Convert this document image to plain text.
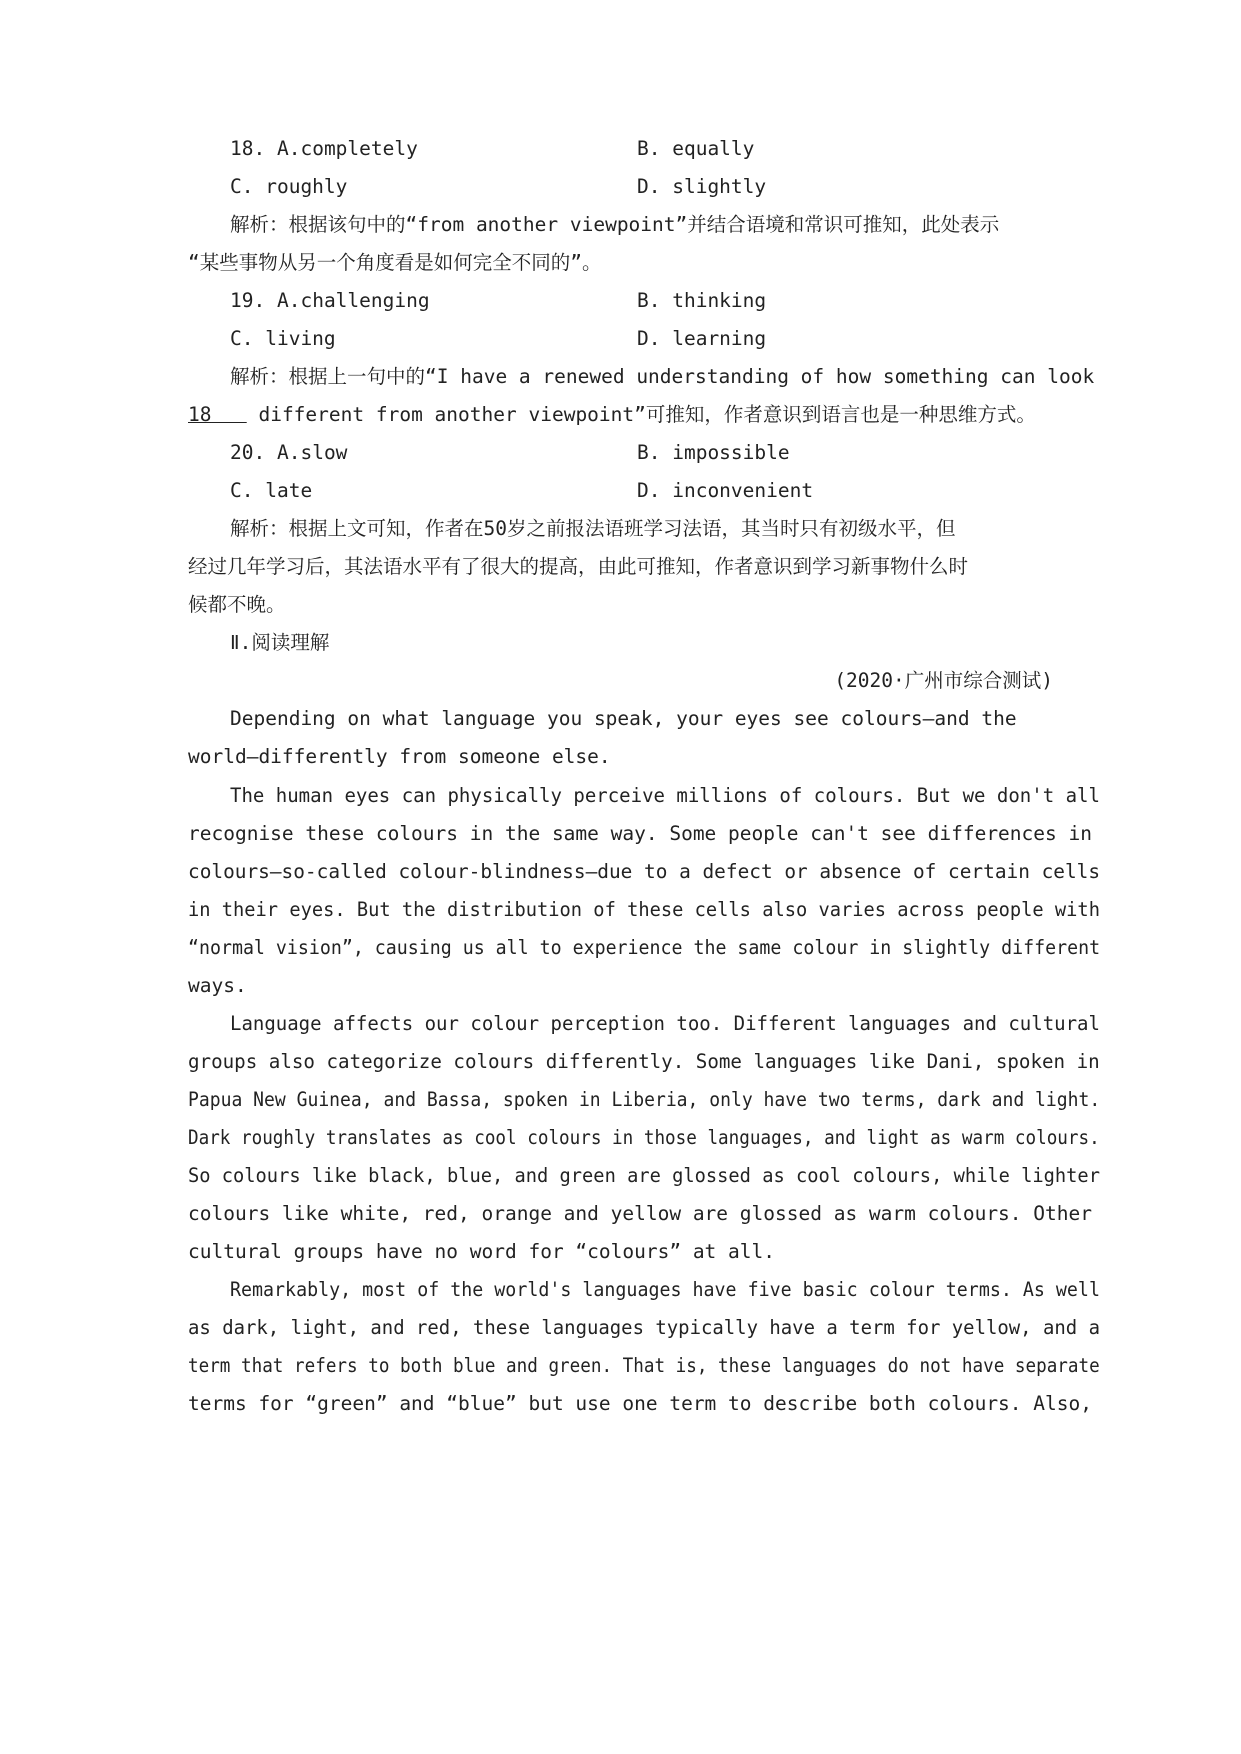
18. A.completely	B. equally
C. roughly	D. slightly
解析：根据该句中的“from another viewpoint”并结合语境和常识可推知，此处表示
“某些事物从另一个角度看是如何完全不同的”。
19. A.challenging	B. thinking
C. living	D. learning
解析：根据上一句中的“I have a renewed understanding of how something can look
18    different from another viewpoint”可推知，作者意识到语言也是一种思维方式。
20. A.slow	B. impossible
C. late	D. inconvenient
解析：根据上文可知，作者在50岁之前报法语班学习法语，其当时只有初级水平，但
经过几年学习后，其法语水平有了很大的提高，由此可推知，作者意识到学习新事物什么时
候都不晚。
Ⅱ.阅读理解
(2020·广州市综合测试)
Depending on what language you speak, your eyes see colours—and the
world—differently from someone else.
The human eyes can physically perceive millions of colours. But we don't all
recognise these colours in the same way. Some people can't see differences in
colours—so-called colour-blindness—due to a defect or absence of certain cells
in their eyes. But the distribution of these cells also varies across people with
“normal vision”, causing us all to experience the same colour in slightly different
ways.
Language affects our colour perception too. Different languages and cultural
groups also categorize colours differently. Some languages like Dani, spoken in
Papua New Guinea, and Bassa, spoken in Liberia, only have two terms, dark and light.
Dark roughly translates as cool colours in those languages, and light as warm colours.
So colours like black, blue, and green are glossed as cool colours, while lighter
colours like white, red, orange and yellow are glossed as warm colours. Other
cultural groups have no word for “colours” at all.
Remarkably, most of the world's languages have five basic colour terms. As well
as dark, light, and red, these languages typically have a term for yellow, and a
term that refers to both blue and green. That is, these languages do not have separate
terms for “green” and “blue” but use one term to describe both colours. Also,
